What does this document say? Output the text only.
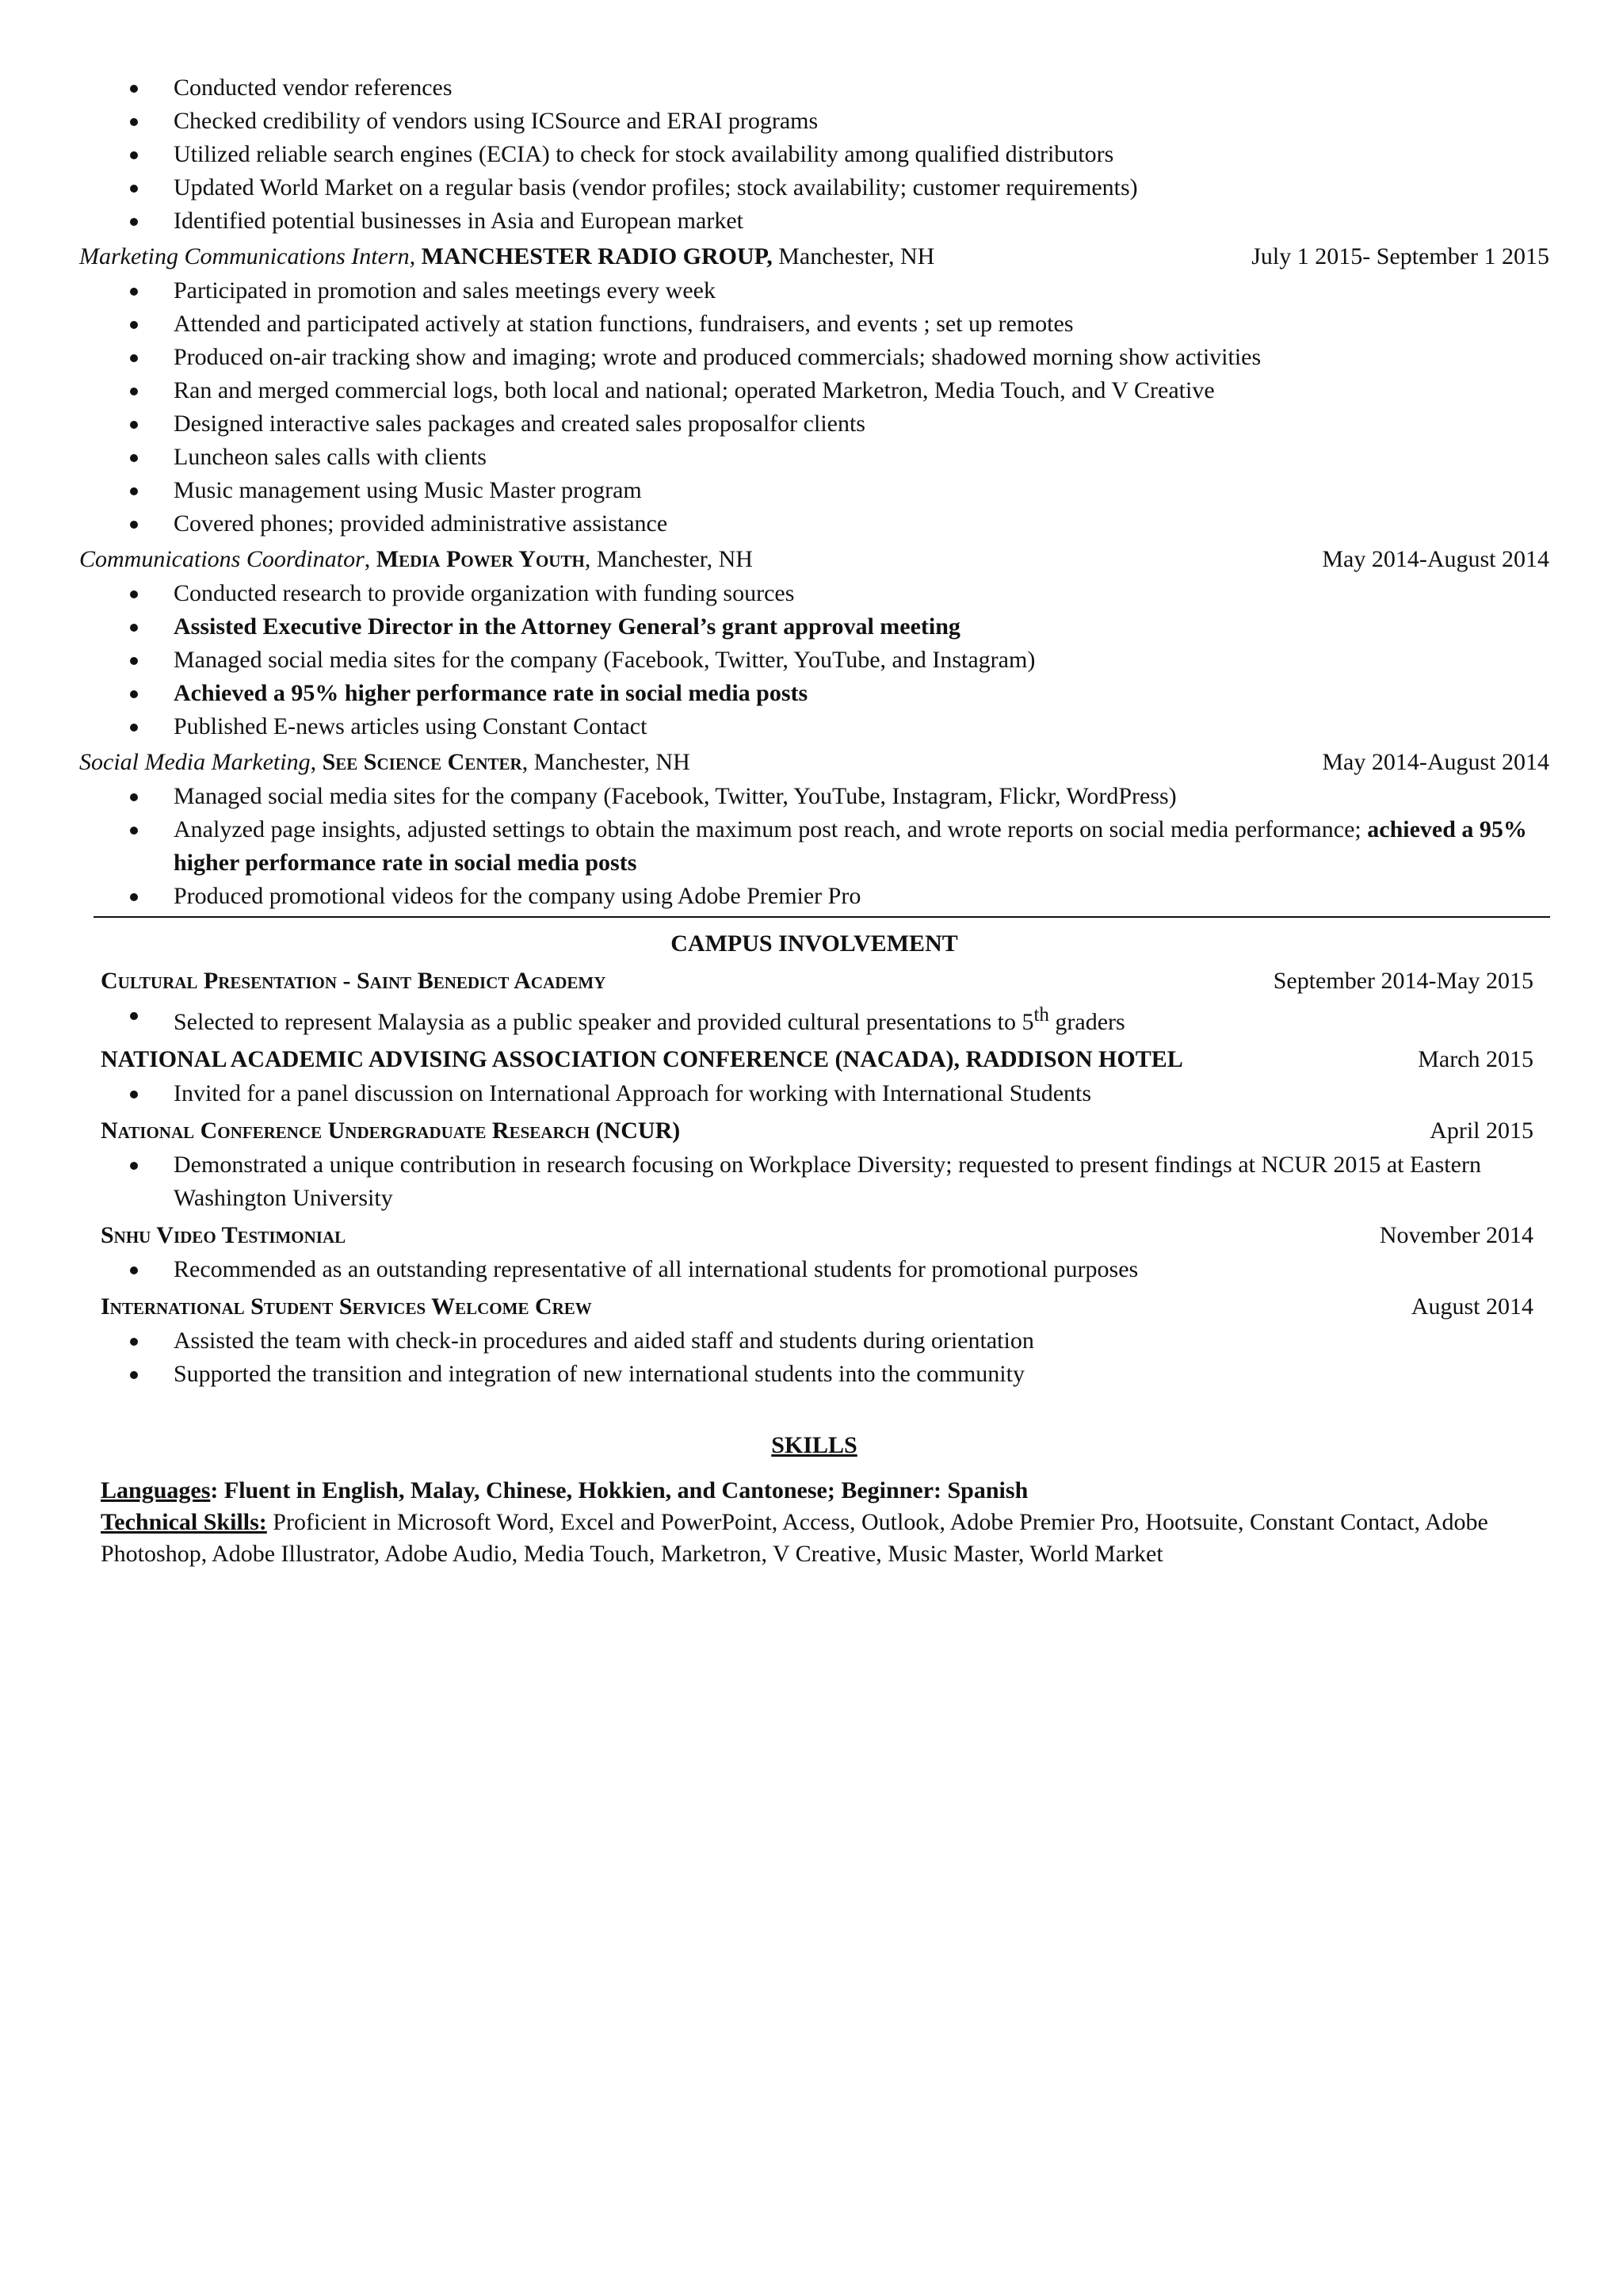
Conducted vendor references
Checked credibility of vendors using ICSource and ERAI programs
Utilized reliable search engines (ECIA) to check for stock availability among qualified distributors
Updated World Market on a regular basis (vendor profiles; stock availability; customer requirements)
Identified potential businesses in Asia and European market
Marketing Communications Intern, MANCHESTER RADIO GROUP, Manchester, NH	July 1 2015- September 1 2015
Participated in promotion and sales meetings every week
Attended and participated actively at station functions, fundraisers, and events ; set up remotes
Produced on-air tracking show and imaging; wrote and produced commercials; shadowed morning show activities
Ran and merged commercial logs, both local and national; operated Marketron, Media Touch, and V Creative
Designed interactive sales packages and created sales proposalfor clients
Luncheon sales calls with clients
Music management using Music Master program
Covered phones; provided administrative assistance
Communications Coordinator, Media Power Youth, Manchester, NH	May 2014-August 2014
Conducted research to provide organization with funding sources
Assisted Executive Director in the Attorney General’s grant approval meeting
Managed social media sites for the company (Facebook, Twitter, YouTube, and Instagram)
Achieved a 95% higher performance rate in social media posts
Published E-news articles using Constant Contact
Social Media Marketing, See Science Center, Manchester, NH	May 2014-August 2014
Managed social media sites for the company (Facebook, Twitter, YouTube, Instagram, Flickr, WordPress)
Analyzed page insights, adjusted settings to obtain the maximum post reach, and wrote reports on social media performance; achieved a 95% higher performance rate in social media posts
Produced promotional videos for the company using Adobe Premier Pro
CAMPUS INVOLVEMENT
Cultural Presentation - Saint Benedict Academy	September 2014-May 2015
Selected to represent Malaysia as a public speaker and provided cultural presentations to 5th graders
NATIONAL ACADEMIC ADVISING ASSOCIATION CONFERENCE (NACADA), RADDISON HOTEL	March 2015
Invited for a panel discussion on International Approach for working with International Students
National Conference Undergraduate Research (NCUR)	April 2015
Demonstrated a unique contribution in research focusing on Workplace Diversity; requested to present findings at NCUR 2015 at Eastern Washington University
Snhu Video Testimonial	November 2014
Recommended as an outstanding representative of all international students for promotional purposes
International Student Services Welcome Crew	August 2014
Assisted the team with check-in procedures and aided staff and students during orientation
Supported the transition and integration of new international students into the community
SKILLS
Languages: Fluent in English, Malay, Chinese, Hokkien, and Cantonese; Beginner: Spanish
Technical Skills: Proficient in Microsoft Word, Excel and PowerPoint, Access, Outlook, Adobe Premier Pro, Hootsuite, Constant Contact, Adobe Photoshop, Adobe Illustrator, Adobe Audio, Media Touch, Marketron, V Creative, Music Master, World Market
